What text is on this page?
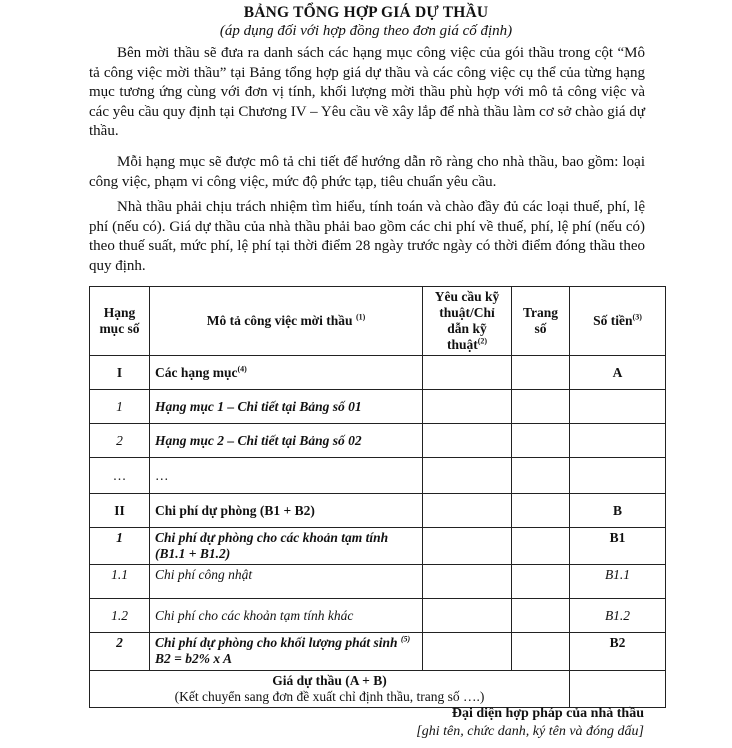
BẢNG TỔNG HỢP GIÁ DỰ THẦU
(áp dụng đối với hợp đồng theo đơn giá cố định)

Bên mời thầu sẽ đưa ra danh sách các hạng mục công việc của gói thầu trong cột “Mô tả công việc mời thầu” tại Bảng tổng hợp giá dự thầu và các công việc cụ thể của từng hạng mục tương ứng cùng với đơn vị tính, khối lượng mời thầu phù hợp với mô tả công việc và các yêu cầu quy định tại Chương IV – Yêu cầu về xây lắp để nhà thầu làm cơ sở chào giá dự thầu.

Mỗi hạng mục sẽ được mô tả chi tiết để hướng dẫn rõ ràng cho nhà thầu, bao gồm: loại công việc, phạm vi công việc, mức độ phức tạp, tiêu chuẩn yêu cầu.

Nhà thầu phải chịu trách nhiệm tìm hiểu, tính toán và chào đầy đủ các loại thuế, phí, lệ phí (nếu có). Giá dự thầu của nhà thầu phải bao gồm các chi phí về thuế, phí, lệ phí (nếu có) theo thuế suất, mức phí, lệ phí tại thời điểm 28 ngày trước ngày có thời điểm đóng thầu theo quy định.

Hạng mục số	Mô tả công việc mời thầu $^{(1)}$	Yêu cầu kỹ thuật/Chỉ dẫn kỹ thuật$^{(2)}$	Trang số	Số tiền$^{(3)}$
I	Các hạng mục$^{(4)}$			A
1	Hạng mục 1 – Chi tiết tại Bảng số 01			
2	Hạng mục 2 – Chi tiết tại Bảng số 02			
…	…			
II	Chi phí dự phòng (B1 + B2)			B
1	Chi phí dự phòng cho các khoản tạm tính (B1.1 + B1.2)			B1
1.1	Chi phí công nhật			B1.1
1.2	Chi phí cho các khoản tạm tính khác			B1.2
2	Chi phí dự phòng cho khối lượng phát sinh $^{(5)}$ B2 = b2% x A			B2

Giá dự thầu (A + B)
(Kết chuyển sang đơn đề xuất chỉ định thầu, trang số ….)				

Đại diện hợp pháp của nhà thầu
[ghi tên, chức danh, ký tên và đóng dấu]
